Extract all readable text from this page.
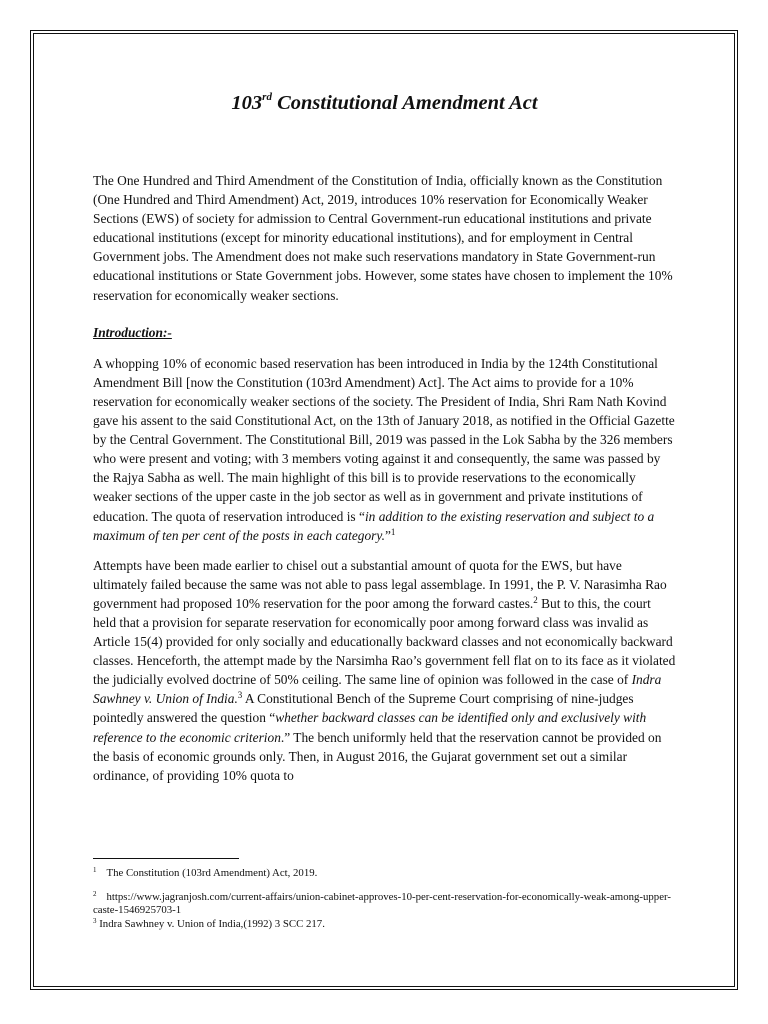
103rd Constitutional Amendment Act

The One Hundred and Third Amendment of the Constitution of India, officially known as the Constitution (One Hundred and Third Amendment) Act, 2019, introduces 10% reservation for Economically Weaker Sections (EWS) of society for admission to Central Government-run educational institutions and private educational institutions (except for minority educational institutions), and for employment in Central Government jobs. The Amendment does not make such reservations mandatory in State Government-run educational institutions or State Government jobs. However, some states have chosen to implement the 10% reservation for economically weaker sections.

Introduction:-

A whopping 10% of economic based reservation has been introduced in India by the 124th Constitutional Amendment Bill [now the Constitution (103rd Amendment) Act]. The Act aims to provide for a 10% reservation for economically weaker sections of the society. The President of India, Shri Ram Nath Kovind gave his assent to the said Constitutional Act, on the 13th of January 2018, as notified in the Official Gazette by the Central Government. The Constitutional Bill, 2019 was passed in the Lok Sabha by the 326 members who were present and voting; with 3 members voting against it and consequently, the same was passed by the Rajya Sabha as well. The main highlight of this bill is to provide reservations to the economically weaker sections of the upper caste in the job sector as well as in government and private institutions of education. The quota of reservation introduced is “in addition to the existing reservation and subject to a maximum of ten per cent of the posts in each category.”$^1$

Attempts have been made earlier to chisel out a substantial amount of quota for the EWS, but have ultimately failed because the same was not able to pass legal assemblage. In 1991, the P. V. Narasimha Rao government had proposed 10% reservation for the poor among the forward castes.$^2$ But to this, the court held that a provision for separate reservation for economically poor among forward class was invalid as Article 15(4) provided for only socially and educationally backward classes and not economically backward classes. Henceforth, the attempt made by the Narsimha Rao’s government fell flat on to its face as it violated the judicially evolved doctrine of 50% ceiling. The same line of opinion was followed in the case of Indra Sawhney v. Union of India.$^3$ A Constitutional Bench of the Supreme Court comprising of nine-judges pointedly answered the question “whether backward classes can be identified only and exclusively with reference to the economic criterion.” The bench uniformly held that the reservation cannot be provided on the basis of economic grounds only. Then, in August 2016, the Gujarat government set out a similar ordinance, of providing 10% quota to

$^1$ The Constitution (103rd Amendment) Act, 2019.

$^2$ https://www.jagranjosh.com/current-affairs/union-cabinet-approves-10-per-cent-reservation-for-economically-weak-among-upper-caste-1546925703-1

$^3$ Indra Sawhney v. Union of India,(1992) 3 SCC 217.
